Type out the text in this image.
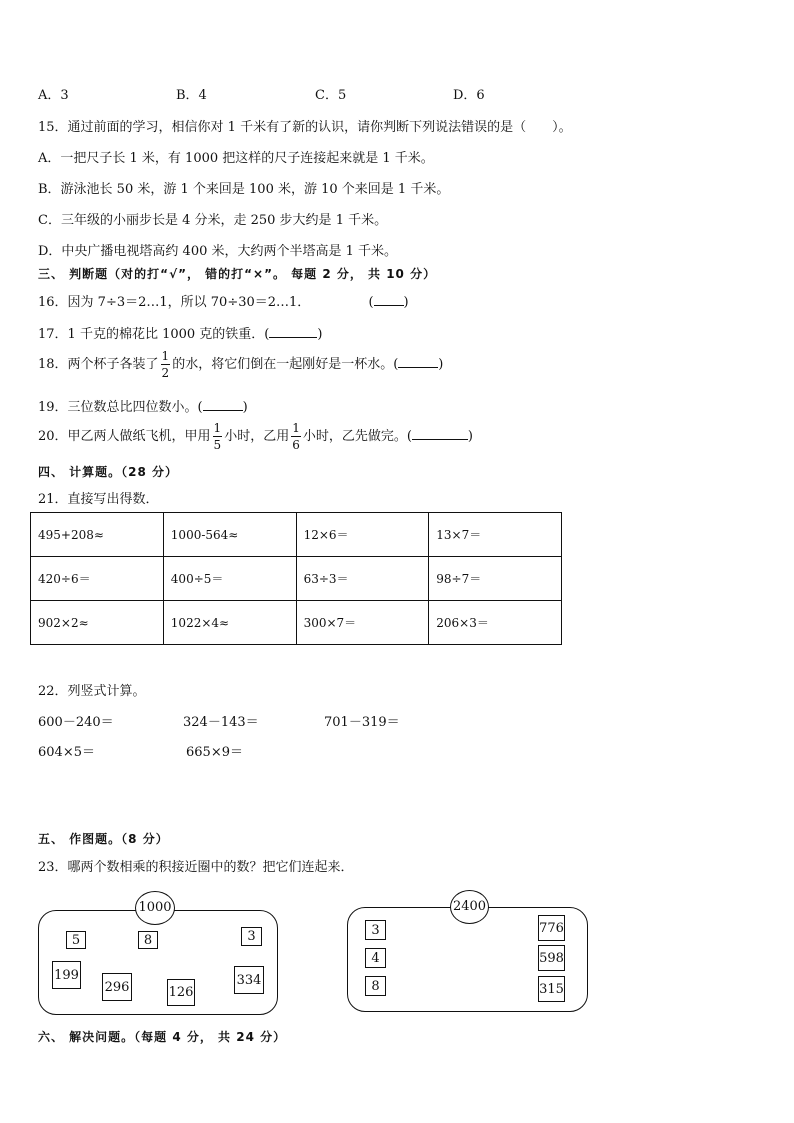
A．3	B．4	C．5	D．6
15．通过前面的学习，相信你对 1 千米有了新的认识，请你判断下列说法错误的是（　　）。
A．一把尺子长 1 米，有 1000 把这样的尺子连接起来就是 1 千米。
B．游泳池长 50 米，游 1 个来回是 100 米，游 10 个来回是 1 千米。
C．三年级的小丽步长是 4 分米，走 250 步大约是 1 千米。
D．中央广播电视塔高约 400 米，大约两个半塔高是 1 千米。
三、 判断题（对的打“√”， 错的打“×”。 每题 2 分， 共 10 分）
16．因为 7÷3＝2…1，所以 70÷30＝2…1．	( )
17．1 千克的棉花比 1000 克的铁重．(	)
18．两个杯子各装了 $\frac{1}{2}$ 的水，将它们倒在一起刚好是一杯水。(	)
19．三位数总比四位数小。(	)
20．甲乙两人做纸飞机，甲用 $\frac{1}{5}$ 小时，乙用 $\frac{1}{6}$ 小时，乙先做完。(	)
四、 计算题。（28 分）
21．直接写出得数．
495+208≈	1000-564≈	12×6＝	13×7＝
420÷6＝	400÷5＝	63÷3＝	98÷7＝
902×2≈	1022×4≈	300×7＝	206×3＝
22．列竖式计算。
600－240＝	324－143＝	701－319＝
604×5＝	665×9＝
五、 作图题。（8 分）
23．哪两个数相乘的积接近圈中的数？把它们连起来．
1000
5	8	3
199
296	126
334
2400
3
4
8
776
598
315
六、 解决问题。（每题 4 分， 共 24 分）
